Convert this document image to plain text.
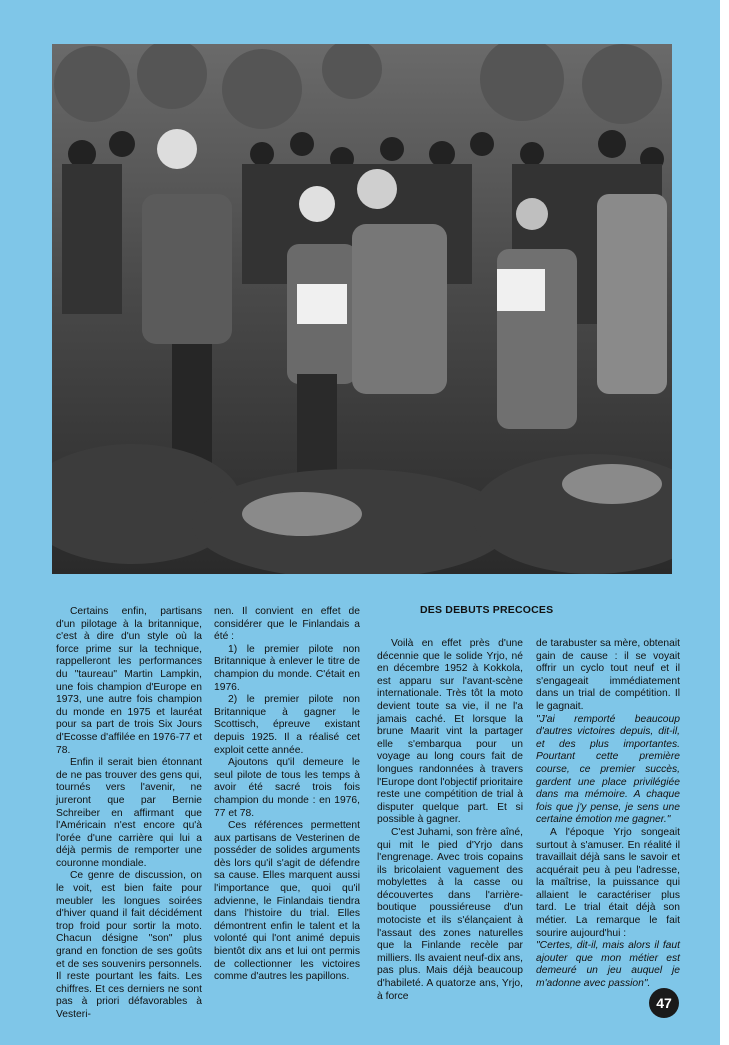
Certains enfin, partisans d'un pilotage à la britannique, c'est à dire d'un style où la force prime sur la technique, rappelleront les performances du "taureau" Martin Lampkin, une fois champion d'Europe en 1973, une autre fois champion du monde en 1975 et lauréat pour sa part de trois Six Jours d'Ecosse d'affilée en 1976-77 et 78.

Enfin il serait bien étonnant de ne pas trouver des gens qui, tournés vers l'avenir, ne jureront que par Bernie Schreiber en affirmant que l'Américain n'est encore qu'à l'orée d'une carrière qui lui a déjà permis de remporter une couronne mondiale.

Ce genre de discussion, on le voit, est bien faite pour meubler les longues soirées d'hiver quand il fait décidément trop froid pour sortir la moto. Chacun désigne "son" plus grand en fonction de ses goûts et de ses souvenirs personnels. Il reste pourtant les faits. Les chiffres. Et ces derniers ne sont pas à priori défavorables à Vesteri-

nen. Il convient en effet de considérer que le Finlandais a été :

1) le premier pilote non Britannique à enlever le titre de champion du monde. C'était en 1976.

2) le premier pilote non Britannique à gagner le Scottisch, épreuve existant depuis 1925. Il a réalisé cet exploit cette année.

Ajoutons qu'il demeure le seul pilote de tous les temps à avoir été sacré trois fois champion du monde : en 1976, 77 et 78.

Ces références permettent aux partisans de Vesterinen de posséder de solides arguments dès lors qu'il s'agit de défendre sa cause. Elles marquent aussi l'importance que, quoi qu'il advienne, le Finlandais tiendra dans l'histoire du trial. Elles démontrent enfin le talent et la volonté qui l'ont animé depuis bientôt dix ans et lui ont permis de collectionner les victoires comme d'autres les papillons.

DES DEBUTS PRECOCES

Voilà en effet près d'une décennie que le solide Yrjo, né en décembre 1952 à Kokkola, est apparu sur l'avant-scène internationale. Très tôt la moto devient toute sa vie, il ne l'a jamais caché. Et lorsque la brune Maarit vint la partager elle s'embarqua pour un voyage au long cours fait de longues randonnées à travers l'Europe dont l'objectif prioritaire reste une compétition de trial à disputer quelque part. Et si possible à gagner.

C'est Juhami, son frère aîné, qui mit le pied d'Yrjo dans l'engrenage. Avec trois copains ils bricolaient vaguement des mobylettes à la casse ou découvertes dans l'arrière-boutique poussiéreuse d'un motociste et ils s'élançaient à l'assaut des zones naturelles que la Finlande recèle par milliers. Ils avaient neuf-dix ans, pas plus. Mais déjà beaucoup d'habileté. A quatorze ans, Yrjo, à force

de tarabuster sa mère, obtenait gain de cause : il se voyait offrir un cyclo tout neuf et il s'engageait immédiatement dans un trial de compétition. Il le gagnait.

"J'ai remporté beaucoup d'autres victoires depuis, dit-il, et des plus importantes. Pourtant cette première course, ce premier succès, gardent une place privilégiée dans ma mémoire. A chaque fois que j'y pense, je sens une certaine émotion me gagner."

A l'époque Yrjo songeait surtout à s'amuser. En réalité il travaillait déjà sans le savoir et acquérait peu à peu l'adresse, la maîtrise, la puissance qui allaient le caractériser plus tard. Le trial était déjà son métier. La remarque le fait sourire aujourd'hui :

"Certes, dit-il, mais alors il faut ajouter que mon métier est demeuré un jeu auquel je m'adonne avec passion".

47
